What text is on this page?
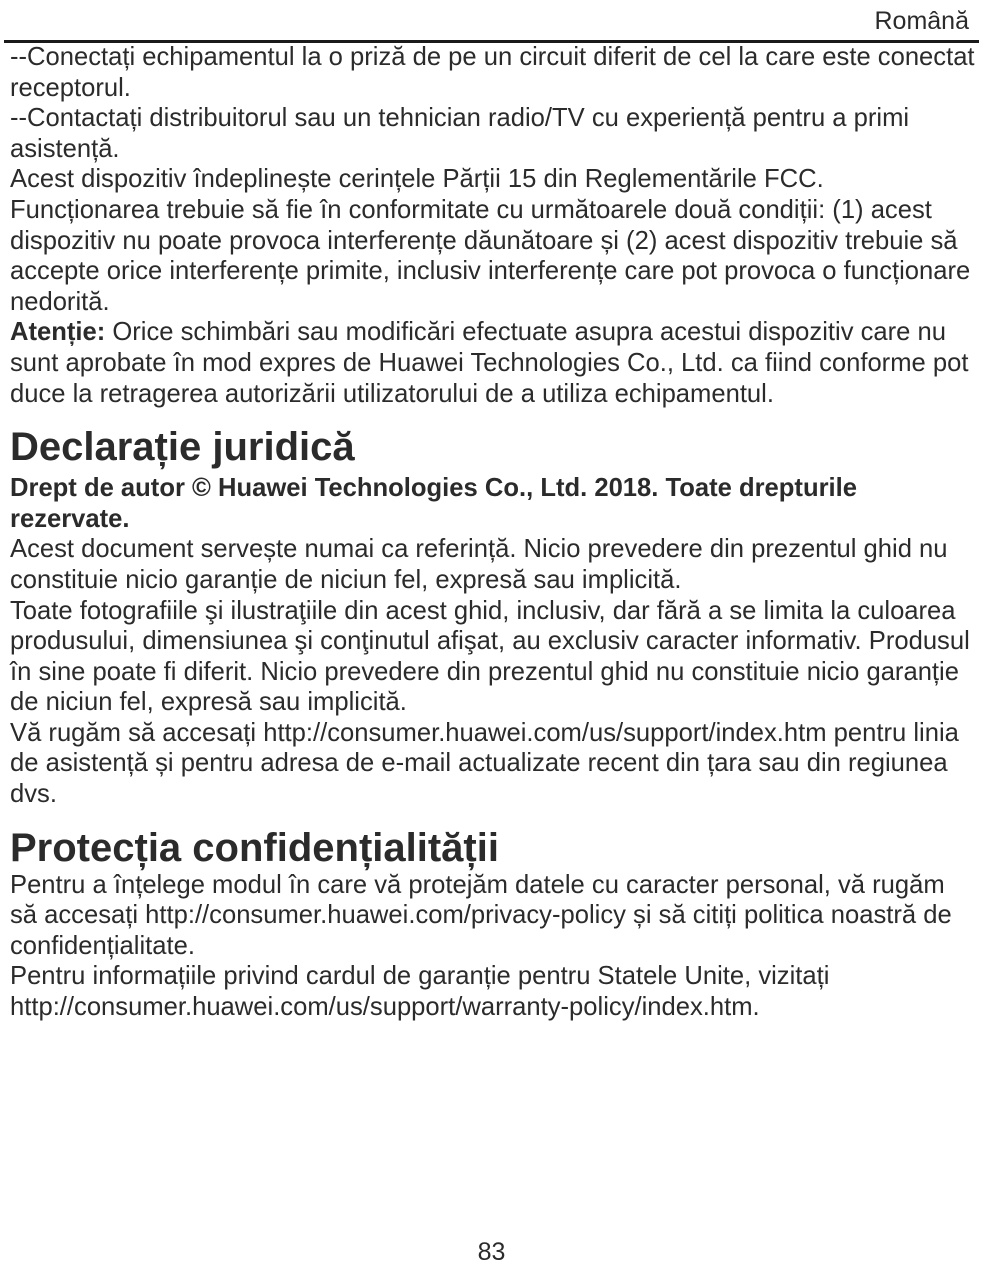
Română

--Conectați echipamentul la o priză de pe un circuit diferit de cel la care este conectat receptorul.

--Contactați distribuitorul sau un tehnician radio/TV cu experiență pentru a primi asistență.

Acest dispozitiv îndeplinește cerințele Părții 15 din Reglementările FCC. Funcționarea trebuie să fie în conformitate cu următoarele două condiții: (1) acest dispozitiv nu poate provoca interferențe dăunătoare și (2) acest dispozitiv trebuie să accepte orice interferențe primite, inclusiv interferențe care pot provoca o funcționare nedorită.

Atenție: Orice schimbări sau modificări efectuate asupra acestui dispozitiv care nu sunt aprobate în mod expres de Huawei Technologies Co., Ltd. ca fiind conforme pot duce la retragerea autorizării utilizatorului de a utiliza echipamentul.

Declarație juridică

Drept de autor © Huawei Technologies Co., Ltd. 2018. Toate drepturile rezervate.

Acest document servește numai ca referință. Nicio prevedere din prezentul ghid nu constituie nicio garanție de niciun fel, expresă sau implicită.

Toate fotografiile şi ilustraţiile din acest ghid, inclusiv, dar fără a se limita la culoarea produsului, dimensiunea şi conţinutul afişat, au exclusiv caracter informativ. Produsul în sine poate fi diferit. Nicio prevedere din prezentul ghid nu constituie nicio garanție de niciun fel, expresă sau implicită.

Vă rugăm să accesați http://consumer.huawei.com/us/support/index.htm pentru linia de asistență și pentru adresa de e-mail actualizate recent din țara sau din regiunea dvs.

Protecția confidențialității

Pentru a înțelege modul în care vă protejăm datele cu caracter personal, vă rugăm să accesați http://consumer.huawei.com/privacy-policy și să citiți politica noastră de confidențialitate.

Pentru informațiile privind cardul de garanție pentru Statele Unite, vizitați http://consumer.huawei.com/us/support/warranty-policy/index.htm.

83
